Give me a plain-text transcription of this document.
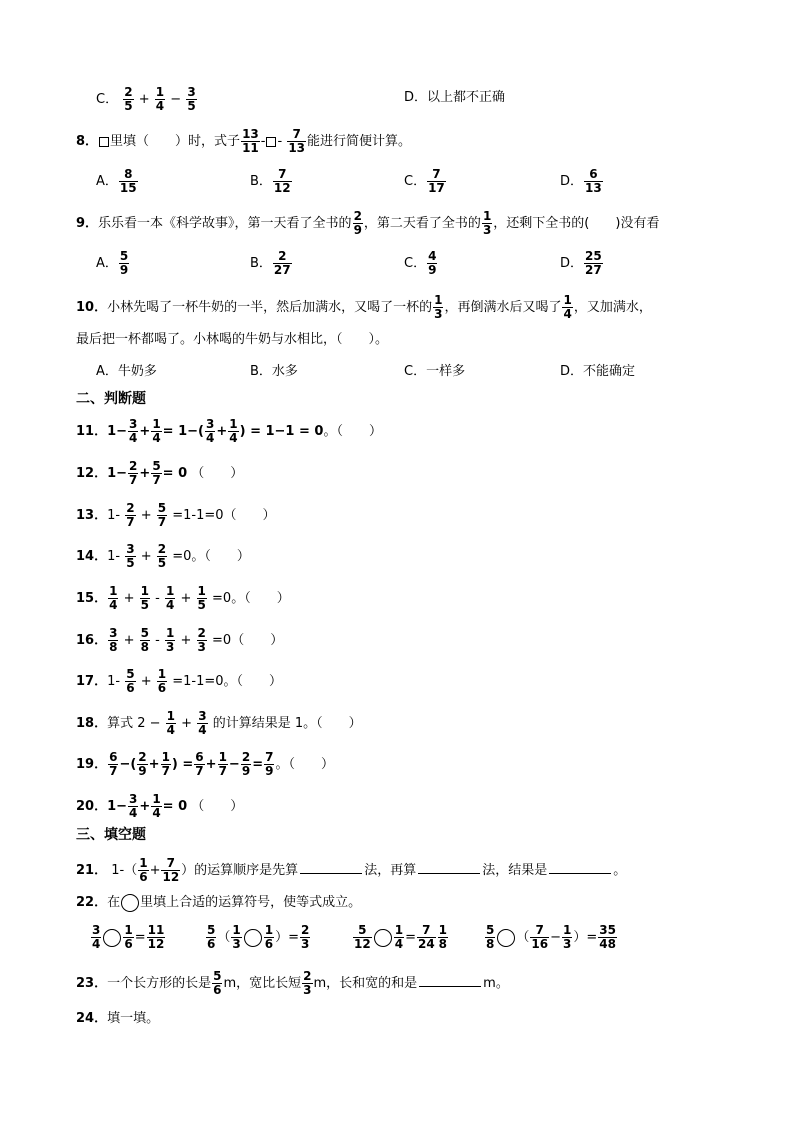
C． $\frac{2}{5} + \frac{1}{4} - \frac{3}{5}$	D．以上都不正确
8． 里填（　　）时，式子 $\frac{13}{11}$ - - $\frac{7}{13}$ 能进行简便计算。
A． $\frac{8}{15}$	B． $\frac{7}{12}$	C． $\frac{7}{17}$	D． $\frac{6}{13}$
9．乐乐看一本《科学故事》，第一天看了全书的 $\frac{2}{9}$ ，第二天看了全书的 $\frac{1}{3}$ ，还剩下全书的(　　)没有看
A． $\frac{5}{9}$	B． $\frac{2}{27}$	C． $\frac{4}{9}$	D． $\frac{25}{27}$
10．小林先喝了一杯牛奶的一半，然后加满水，又喝了一杯的 $\frac{1}{3}$ ，再倒满水后又喝了 $\frac{1}{4}$ ，又加满水，
最后把一杯都喝了。小林喝的牛奶与水相比，（　　）。
A．牛奶多	B．水多	C．一样多	D．不能确定
二、判断题
11．$1- \frac{3}{4} + \frac{1}{4} = 1-( \frac{3}{4} + \frac{1}{4}$ ) = 1−1 = 0。（　　）
12．$1- \frac{2}{7} + \frac{5}{7} = 0$ （　　）
13．$1- \frac{2}{7} + \frac{5}{7} =1-1=0$（　　）
14．$1- \frac{3}{5} + \frac{2}{5} =0$。（　　）
15． $\frac{1}{4} + \frac{1}{5} - \frac{1}{4} + \frac{1}{5} =0$。（　　）
16． $\frac{3}{8} + \frac{5}{8} - \frac{1}{3} + \frac{2}{3} =0$（　　）
17．$1- \frac{5}{6} + \frac{1}{6} =1-1=0$。（　　）
18．算式 $2 - \frac{1}{4} + \frac{3}{4}$ 的计算结果是 1。（　　）
19． $\frac{6}{7}$ −( $\frac{2}{9} + \frac{1}{7}$ ) = $\frac{6}{7} + \frac{1}{7} - \frac{2}{9} = \frac{7}{9}$ 。（　　）
20．$1- \frac{3}{4} + \frac{1}{4} = 0$ （　　）
三、填空题
21． $1-( \frac{1}{6} + \frac{7}{12}$ ）的运算顺序是先算	法，再算	法，结果是	。
22．在 里填上合适的运算符号，使等式成立。
$\frac{3}{4} \frac{1}{6} = \frac{11}{12}$	$\frac{5}{6}$ （ $\frac{1}{3} \frac{1}{6}$ ）= $\frac{2}{3}$	$\frac{5}{12} \frac{1}{4} = \frac{7}{24} \frac{1}{8}$	$\frac{5}{8}$ （ $\frac{7}{16} - \frac{1}{3}$ ）= $\frac{35}{48}$
23．一个长方形的长是 $\frac{5}{6}$ m，宽比长短 $\frac{2}{3}$ m，长和宽的和是	m。
24．填一填。
